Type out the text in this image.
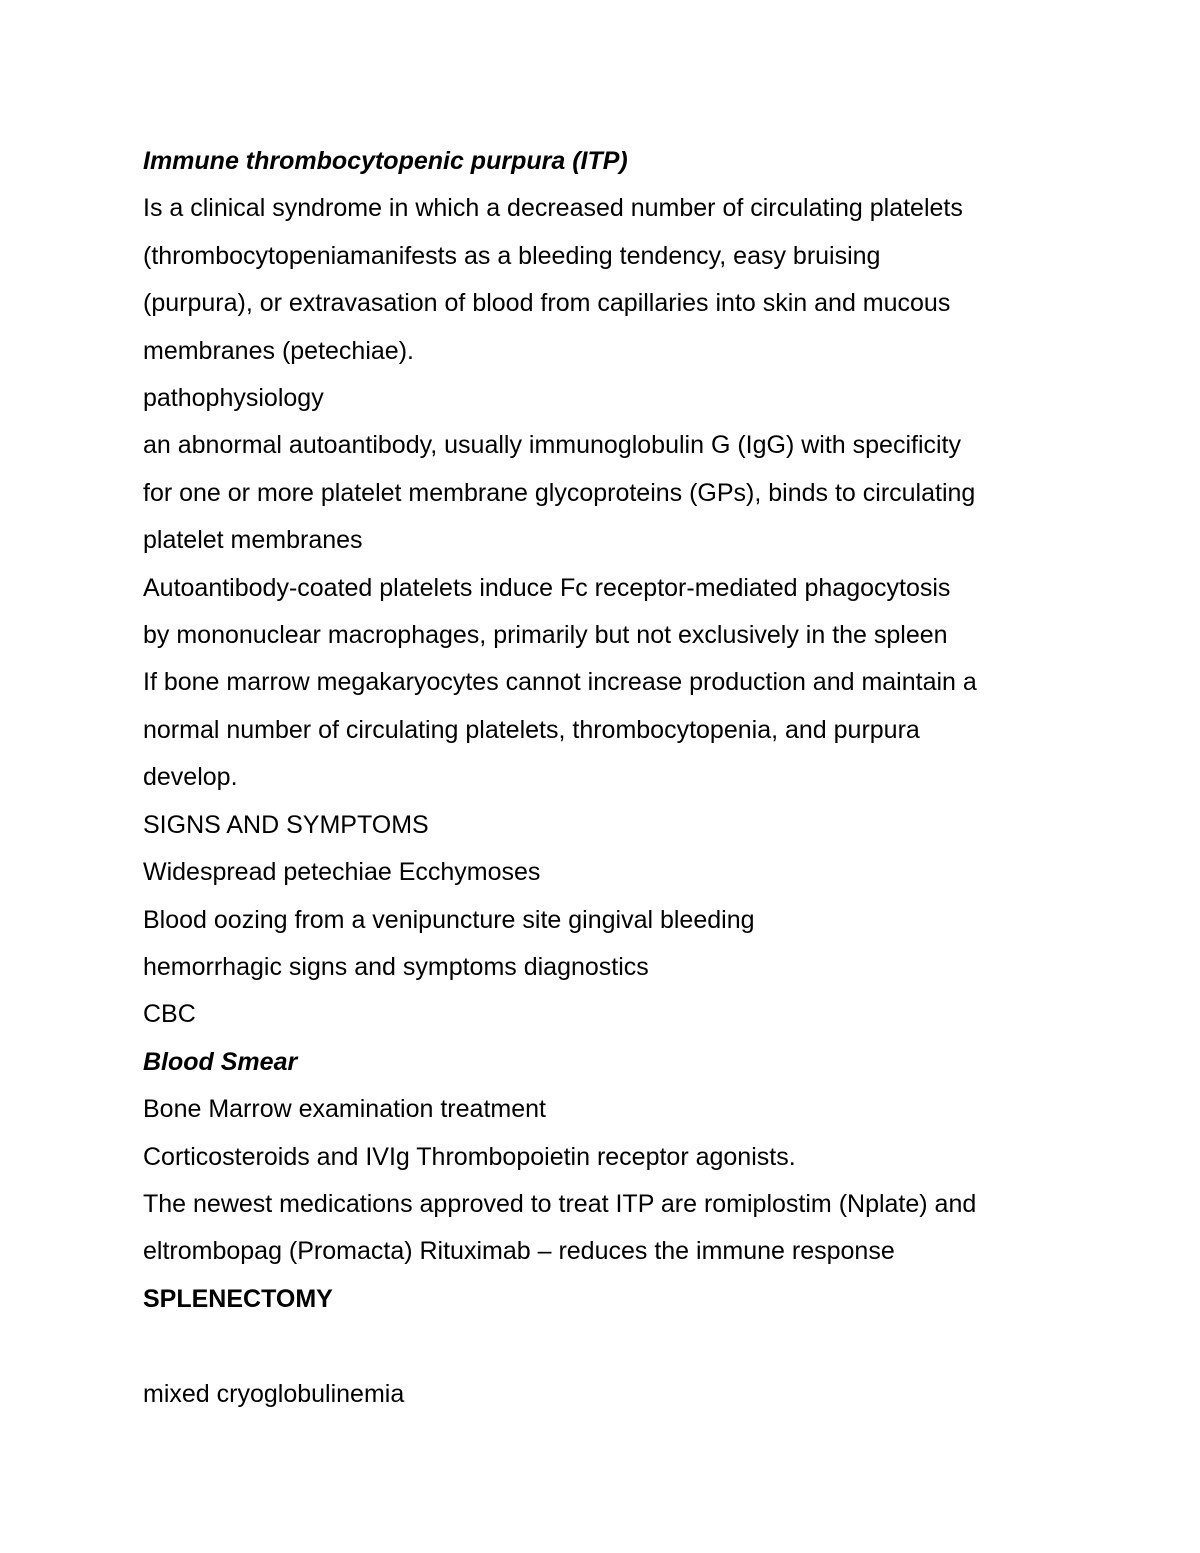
Immune thrombocytopenic purpura (ITP)

Is a clinical syndrome in which a decreased number of circulating platelets

(thrombocytopeniamanifests as a bleeding tendency, easy bruising

(purpura), or extravasation of blood from capillaries into skin and mucous

membranes (petechiae).

pathophysiology

an abnormal autoantibody, usually immunoglobulin G (IgG) with specificity

for one or more platelet membrane glycoproteins (GPs), binds to circulating

platelet membranes

Autoantibody-coated platelets induce Fc receptor-mediated phagocytosis

by mononuclear macrophages, primarily but not exclusively in the spleen

If bone marrow megakaryocytes cannot increase production and maintain a

normal number of circulating platelets, thrombocytopenia, and purpura

develop.

SIGNS AND SYMPTOMS

Widespread petechiae Ecchymoses

Blood oozing from a venipuncture site gingival bleeding

hemorrhagic signs and symptoms diagnostics

CBC

Blood Smear

Bone Marrow examination treatment

Corticosteroids and IVIg Thrombopoietin receptor agonists.

The newest medications approved to treat ITP are romiplostim (Nplate) and

eltrombopag (Promacta) Rituximab – reduces the immune response

SPLENECTOMY

mixed cryoglobulinemia
